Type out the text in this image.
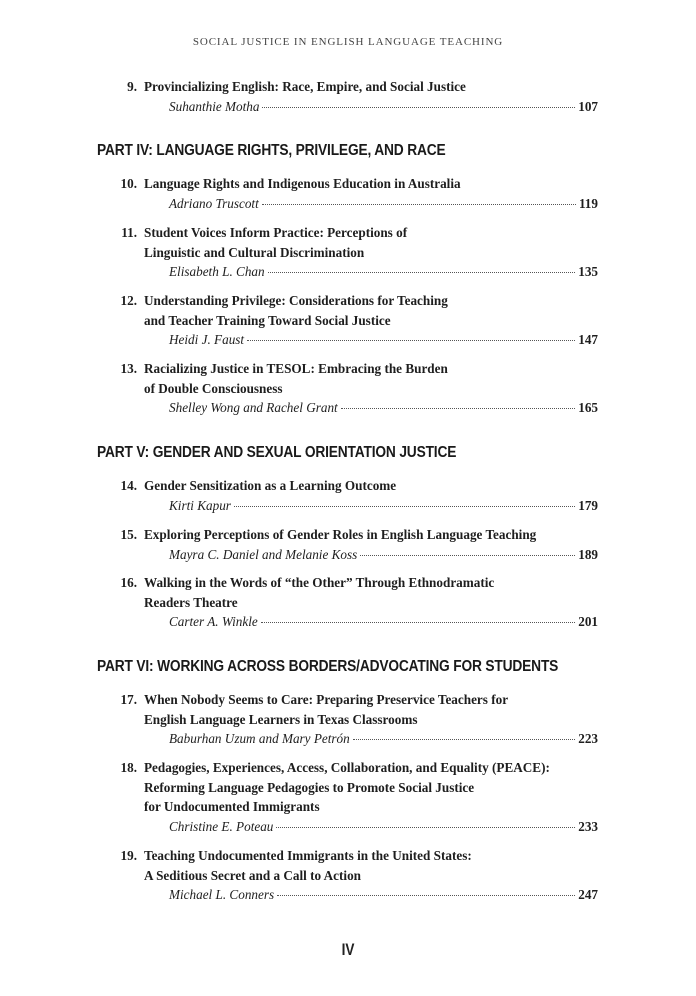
SOCIAL JUSTICE IN ENGLISH LANGUAGE TEACHING
9. Provincializing English: Race, Empire, and Social Justice
Suhanthie Motha	107
PART IV: LANGUAGE RIGHTS, PRIVILEGE, AND RACE
10. Language Rights and Indigenous Education in Australia
Adriano Truscott	119
11. Student Voices Inform Practice: Perceptions of
Linguistic and Cultural Discrimination
Elisabeth L. Chan	135
12. Understanding Privilege: Considerations for Teaching
and Teacher Training Toward Social Justice
Heidi J. Faust	147
13. Racializing Justice in TESOL: Embracing the Burden
of Double Consciousness
Shelley Wong and Rachel Grant	165
PART V: GENDER AND SEXUAL ORIENTATION JUSTICE
14. Gender Sensitization as a Learning Outcome
Kirti Kapur	179
15. Exploring Perceptions of Gender Roles in English Language Teaching
Mayra C. Daniel and Melanie Koss	189
16. Walking in the Words of “the Other” Through Ethnodramatic
Readers Theatre
Carter A. Winkle	201
PART VI: WORKING ACROSS BORDERS/ADVOCATING FOR STUDENTS
17. When Nobody Seems to Care: Preparing Preservice Teachers for
English Language Learners in Texas Classrooms
Baburhan Uzum and Mary Petrón	223
18. Pedagogies, Experiences, Access, Collaboration, and Equality (PEACE):
Reforming Language Pedagogies to Promote Social Justice
for Undocumented Immigrants
Christine E. Poteau	233
19. Teaching Undocumented Immigrants in the United States:
A Seditious Secret and a Call to Action
Michael L. Conners	247
IV
